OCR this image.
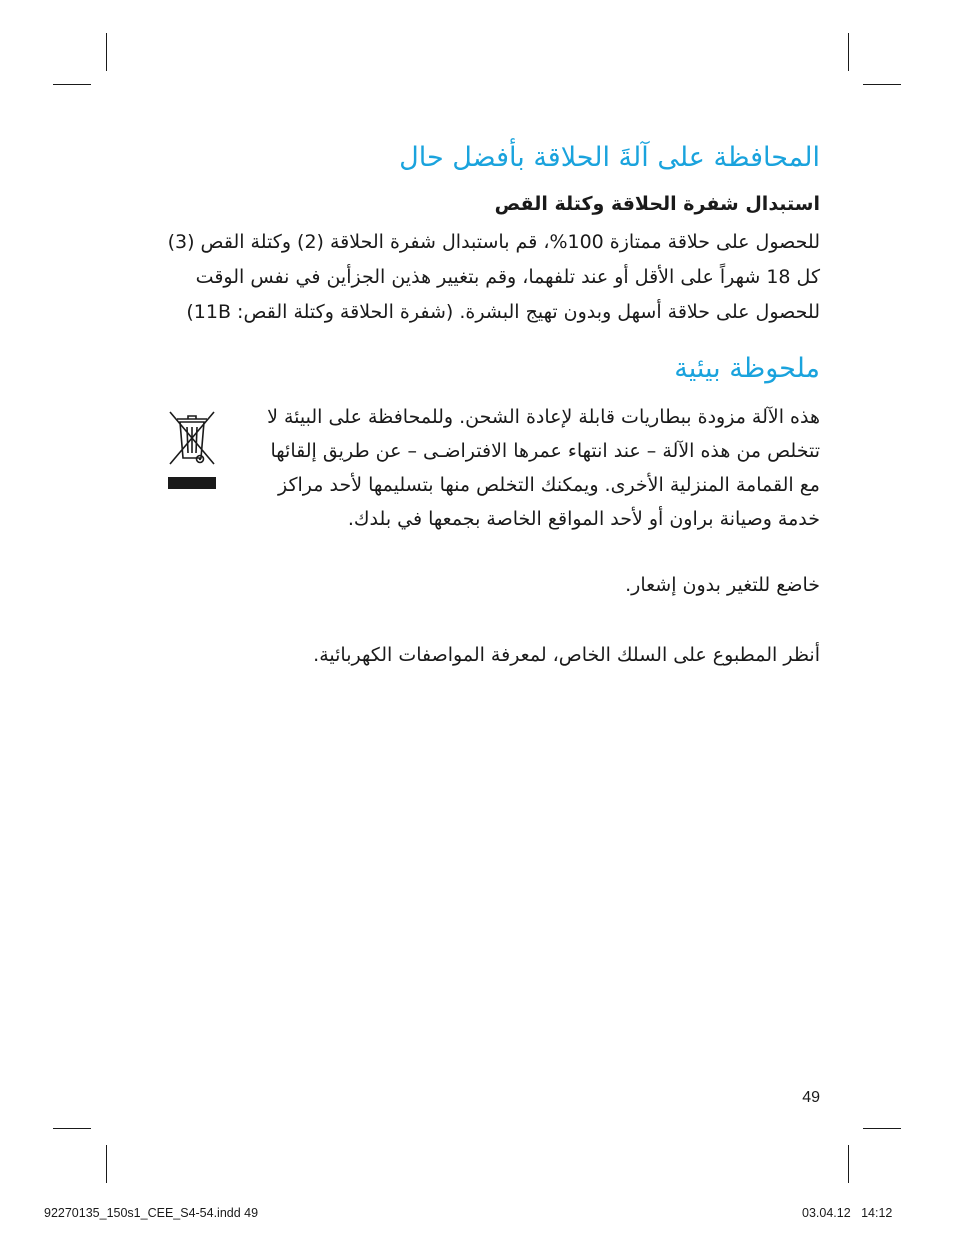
المحافظة على آلةَ الحلاقة بأفضل حال
استبدال شفرة الحلاقة وكتلة القص
للحصول على حلاقة ممتازة 100%، قم باستبدال شفرة الحلاقة (2) وكتلة القص (3)
كل 18 شهراً على الأقل أو عند تلفهما، وقم بتغيير هذين الجزأين في نفس الوقت
للحصول على حلاقة أسهل وبدون تهيج البشرة. (شفرة الحلاقة وكتلة القص: 11B)
ملحوظة بيئية
هذه الآلة مزودة ببطاريات قابلة لإعادة الشحن. وللمحافظة على البيئة لا
تتخلص من هذه الآلة – عند انتهاء عمرها الافتراضـى – عن طريق إلقائها
مع القمامة المنزلية الأخرى. ويمكنك التخلص منها بتسليمها لأحد مراكز
خدمة وصيانة براون أو لأحد المواقع الخاصة بجمعها في بلدك.
خاضع للتغير بدون إشعار.
أنظر المطبوع على السلك الخاص، لمعرفة المواصفات الكهربائية.
49
92270135_150s1_CEE_S4-54.indd 49	03.04.12   14:12
